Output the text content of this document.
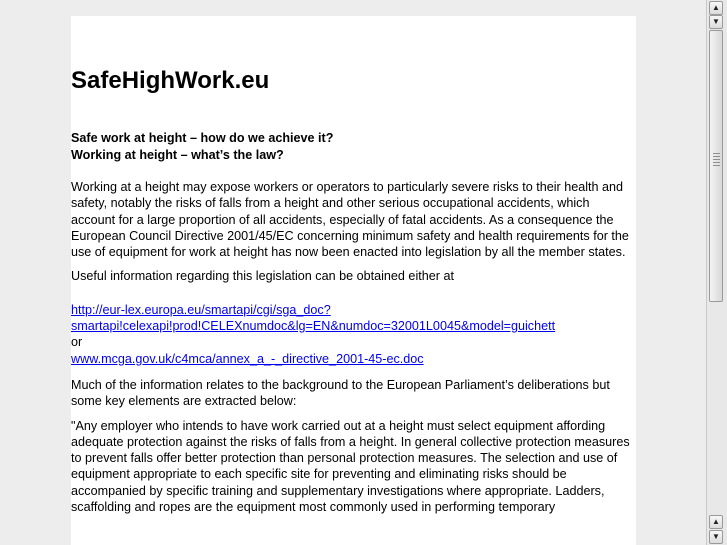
SafeHighWork.eu
Safe work at height – how do we achieve it?
Working at height – what’s the law?

Working at a height may expose workers or operators to particularly severe risks to their health and safety, notably the risks of falls from a height and other serious occupational accidents, which account for a large proportion of all accidents, especially of fatal accidents. As a consequence the European Council Directive 2001/45/EC concerning minimum safety and health requirements for the use of equipment for work at height has now been enacted into legislation by all the member states.

Useful information regarding this legislation can be obtained either at

http://eur-lex.europa.eu/smartapi/cgi/sga_doc?
smartapi!celexapi!prod!CELEXnumdoc&lg=EN&numdoc=32001L0045&model=guichett
or
www.mcga.gov.uk/c4mca/annex_a_-_directive_2001-45-ec.doc

Much of the information relates to the background to the European Parliament’s deliberations but some key elements are extracted below:

"Any employer who intends to have work carried out at a height must select equipment affording adequate protection against the risks of falls from a height. In general collective protection measures to prevent falls offer better protection than personal protection measures. The selection and use of equipment appropriate to each specific site for preventing and eliminating risks should be accompanied by specific training and supplementary investigations where appropriate. Ladders, scaffolding and ropes are the equipment most commonly used in performing temporary

▲
▼
▲
▼
